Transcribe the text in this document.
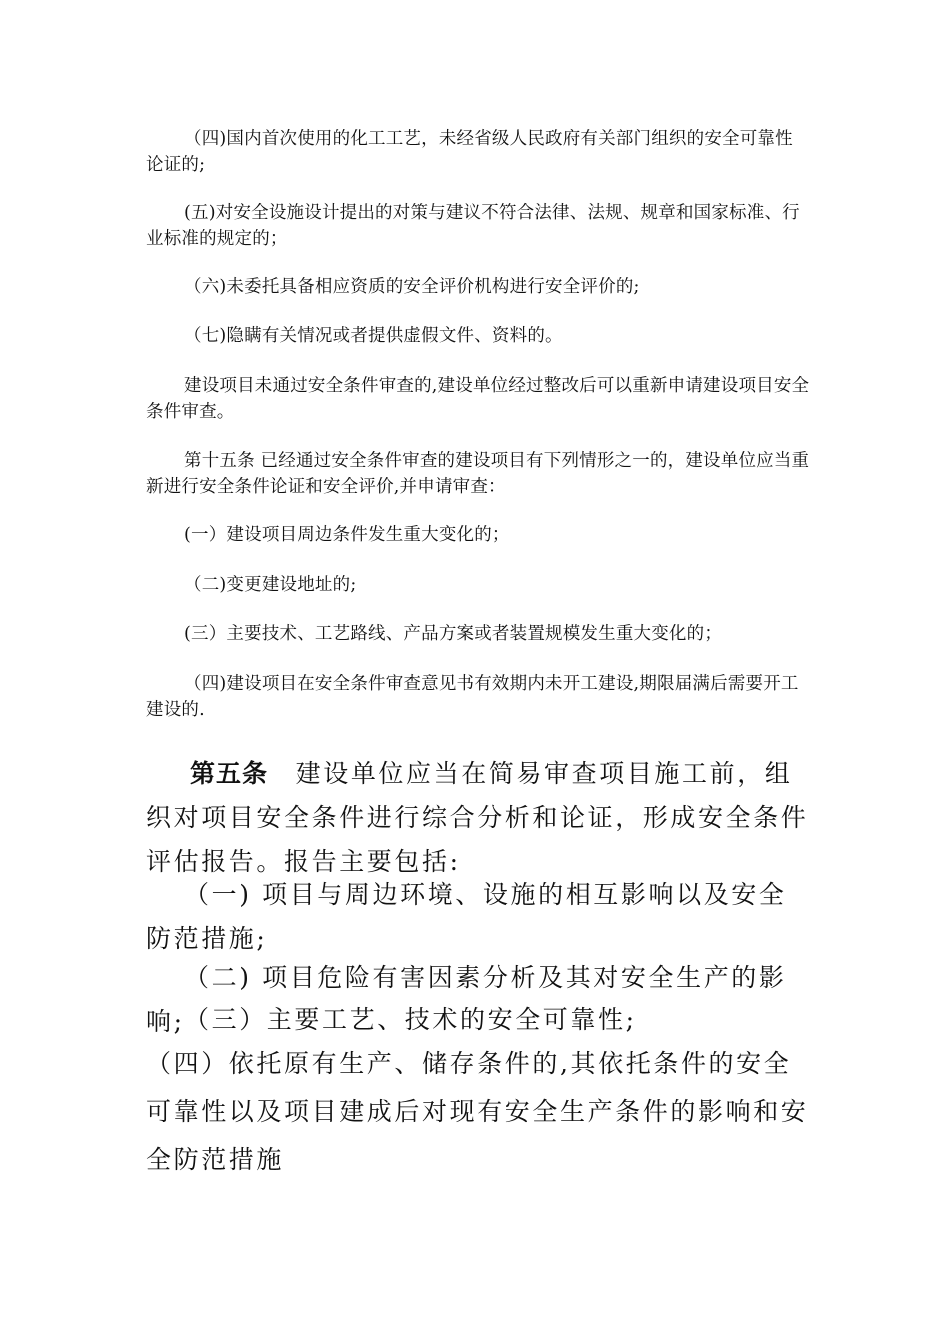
（四)国内首次使用的化工工艺，未经省级人民政府有关部门组织的安全可靠性论证的;

(五)对安全设施设计提出的对策与建议不符合法律、法规、规章和国家标准、行业标准的规定的；

（六)未委托具备相应资质的安全评价机构进行安全评价的;

（七)隐瞒有关情况或者提供虚假文件、资料的。

建设项目未通过安全条件审查的,建设单位经过整改后可以重新申请建设项目安全条件审查。

第十五条 已经通过安全条件审查的建设项目有下列情形之一的，建设单位应当重新进行安全条件论证和安全评价,并申请审查：

(一）建设项目周边条件发生重大变化的；

（二)变更建设地址的;

(三）主要技术、工艺路线、产品方案或者装置规模发生重大变化的；

（四)建设项目在安全条件审查意见书有效期内未开工建设,期限届满后需要开工建设的.

第五条　 建设单位应当在简易审查项目施工前，组织对项目安全条件进行综合分析和论证，形成安全条件评估报告。报告主要包括:

（一) 项目与周边环境、设施的相互影响以及安全防范措施;

（二) 项目危险有害因素分析及其对安全生产的影响; （三）主要工艺、技术的安全可靠性;

（四）依托原有生产、储存条件的,其依托条件的安全可靠性以及项目建成后对现有安全生产条件的影响和安全防范措施
